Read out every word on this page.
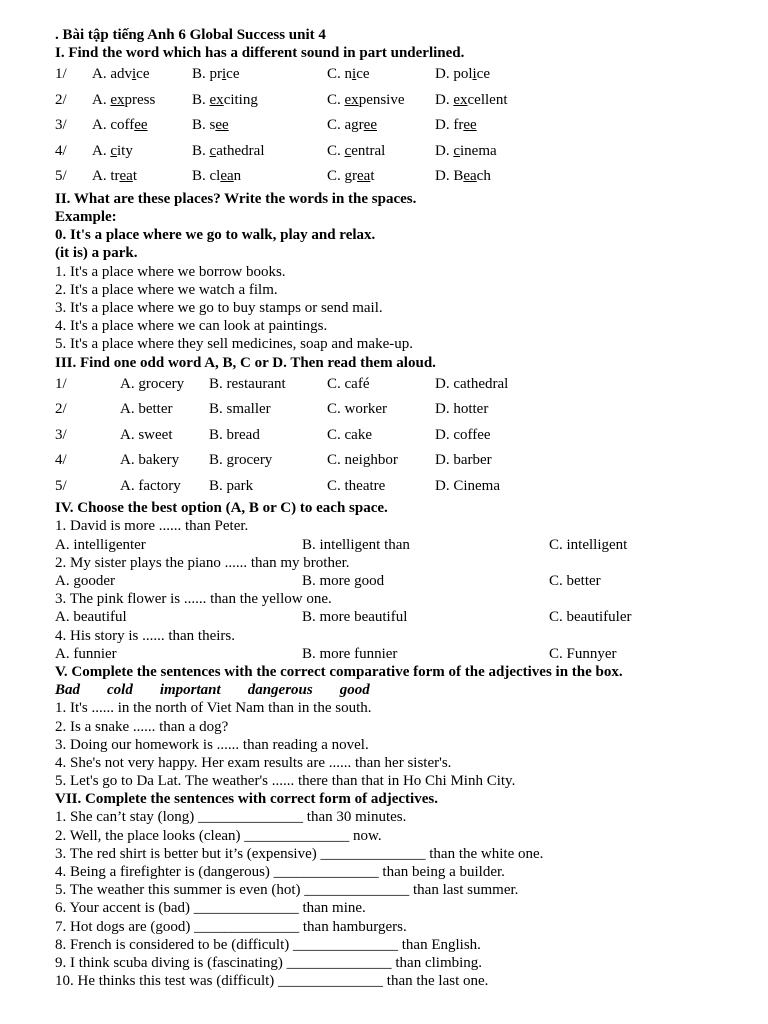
. Bài tập tiếng Anh 6 Global Success unit 4
I. Find the word which has a different sound in part underlined.
1/ A. advice	B. price	C. nice	D. police
2/ A. express B. exciting	C. expensive D. excellent
3/ A. coffee	B. see	C. agree	D. free
4/ A. city	B. cathedral	C. central	D. cinema
5/ A. treat	B. clean	C. great	D. Beach
II. What are these places? Write the words in the spaces.
Example:
0. It's a place where we go to walk, play and relax.
(it is) a park.
1. It's a place where we borrow books.
2. It's a place where we watch a film.
3. It's a place where we go to buy stamps or send mail.
4. It's a place where we can look at paintings.
5. It's a place where they sell medicines, soap and make-up.
III. Find one odd word A, B, C or D. Then read them aloud.
1/	A. grocery B. restaurant	C. café	D. cathedral
2/	A. better B. smaller	C. worker	D. hotter
3/	A. sweet B. bread	C. cake	D. coffee
4/	A. bakery B. grocery	C. neighbor D. barber
5/	A. factory B. park	C. theatre	D. Cinema
IV. Choose the best option (A, B or C) to each space.
1. David is more ...... than Peter.
A. intelligenter	B. intelligent than	C. intelligent
2. My sister plays the piano ...... than my brother.
A. gooder	B. more good	C. better
3. The pink flower is ...... than the yellow one.
A. beautiful	B. more beautiful	C. beautifuler
4. His story is ...... than theirs.
A. funnier	B. more funnier	C. Funnyer
V. Complete the sentences with the correct comparative form of the adjectives in the box.
Bad cold important dangerous good
1. It's ...... in the north of Viet Nam than in the south.
2. Is a snake ...... than a dog?
3. Doing our homework is ...... than reading a novel.
4. She's not very happy. Her exam results are ...... than her sister's.
5. Let's go to Da Lat. The weather's ...... there than that in Ho Chi Minh City.
VII. Complete the sentences with correct form of adjectives.
1. She can’t stay (long) ______________ than 30 minutes.
2. Well, the place looks (clean) ______________ now.
3. The red shirt is better but it’s (expensive) ______________ than the white one.
4. Being a firefighter is (dangerous) ______________ than being a builder.
5. The weather this summer is even (hot) ______________ than last summer.
6. Your accent is (bad) ______________ than mine.
7. Hot dogs are (good) ______________ than hamburgers.
8. French is considered to be (difficult) ______________ than English.
9. I think scuba diving is (fascinating) ______________ than climbing.
10. He thinks this test was (difficult) ______________ than the last one.
